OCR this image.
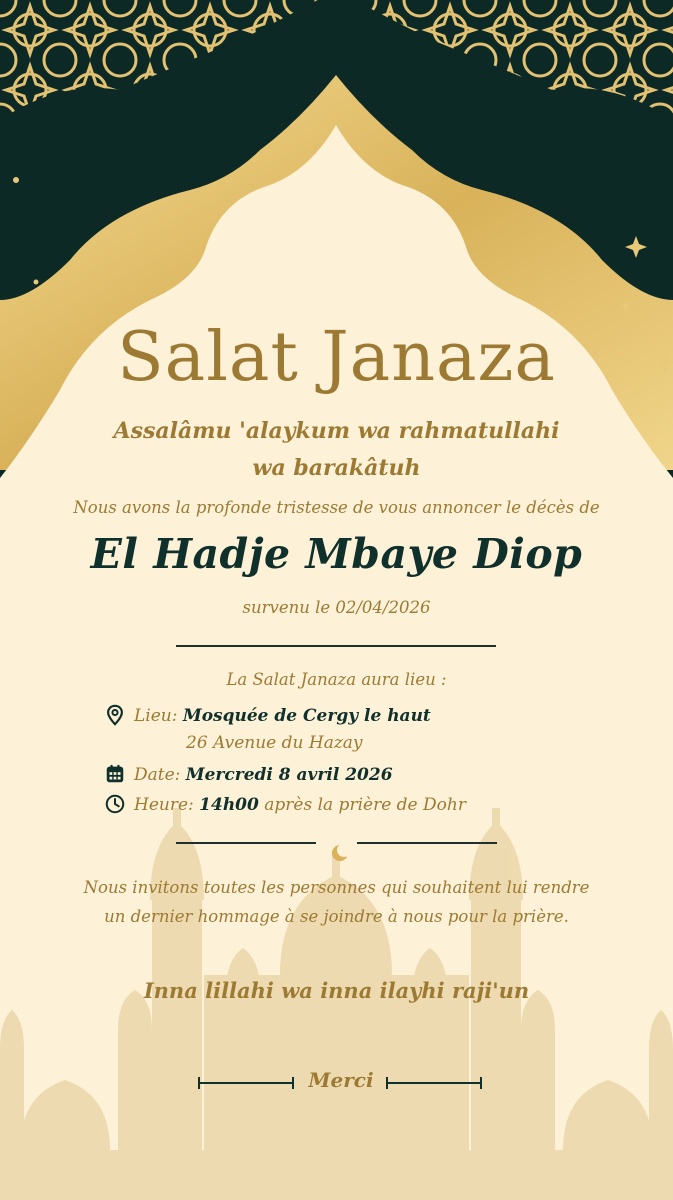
Salat Janaza
Assalâmu 'alaykum wa rahmatullahi
wa barakâtuh
Nous avons la profonde tristesse de vous annoncer le décès de
El Hadje Mbaye Diop
survenu le 02/04/2026
La Salat Janaza aura lieu :
Lieu: Mosquée de Cergy le haut
26 Avenue du Hazay
Date: Mercredi 8 avril 2026
Heure: 14h00 après la prière de Dohr
Nous invitons toutes les personnes qui souhaitent lui rendre
un dernier hommage à se joindre à nous pour la prière.
Inna lillahi wa inna ilayhi raji'un
Merci
